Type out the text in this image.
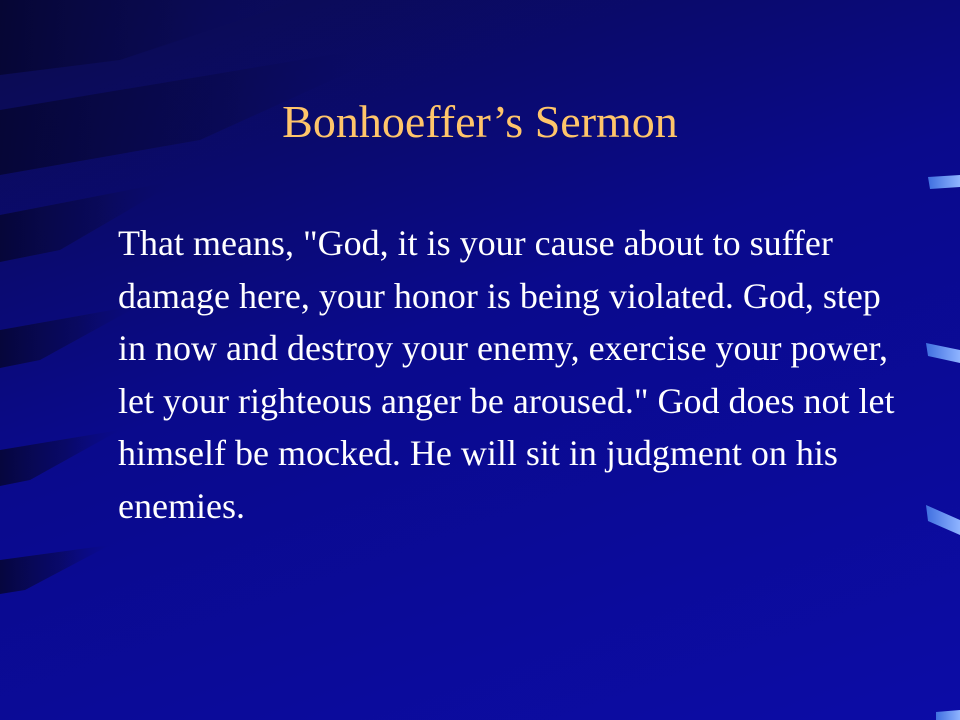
Bonhoeffer’s Sermon

That means, "God, it is your cause about to suffer damage here, your honor is being violated. God, step in now and destroy your enemy, exercise your power, let your righteous anger be aroused." God does not let himself be mocked. He will sit in judgment on his enemies.
